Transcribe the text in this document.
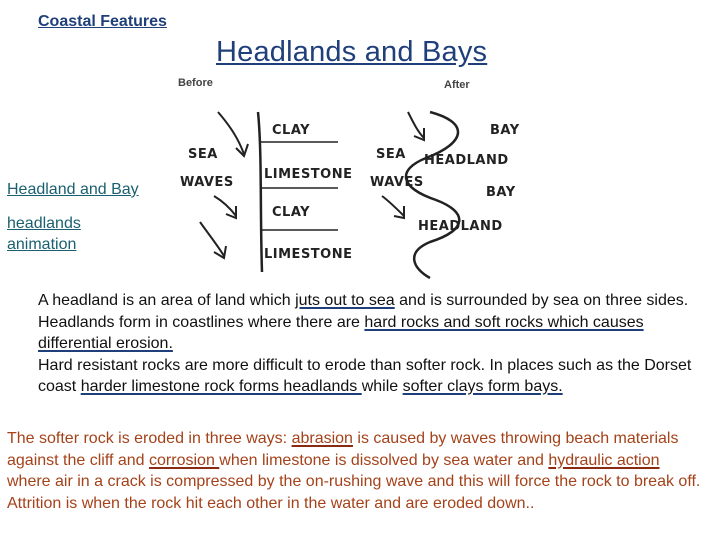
Coastal Features
Headlands and Bays
Headland and Bay
headlands
animation
Before	After
CLAY
LIMESTONE
CLAY
LIMESTONE
SEA
WAVES
BAY
HEADLAND
BAY
HEADLAND
SEA
WAVES
A headland is an area of land which juts out to sea and is surrounded by sea on three sides. Headlands form in coastlines where there are hard rocks and soft rocks which causes differential erosion.
Hard resistant rocks are more difficult to erode than softer rock. In places such as the Dorset coast harder limestone rock forms headlands while softer clays form bays.
The softer rock is eroded in three ways: abrasion is caused by waves throwing beach materials against the cliff and corrosion when limestone is dissolved by sea water and hydraulic action where air in a crack is compressed by the on-rushing wave and this will force the rock to break off. Attrition is when the rock hit each other in the water and are eroded down..
